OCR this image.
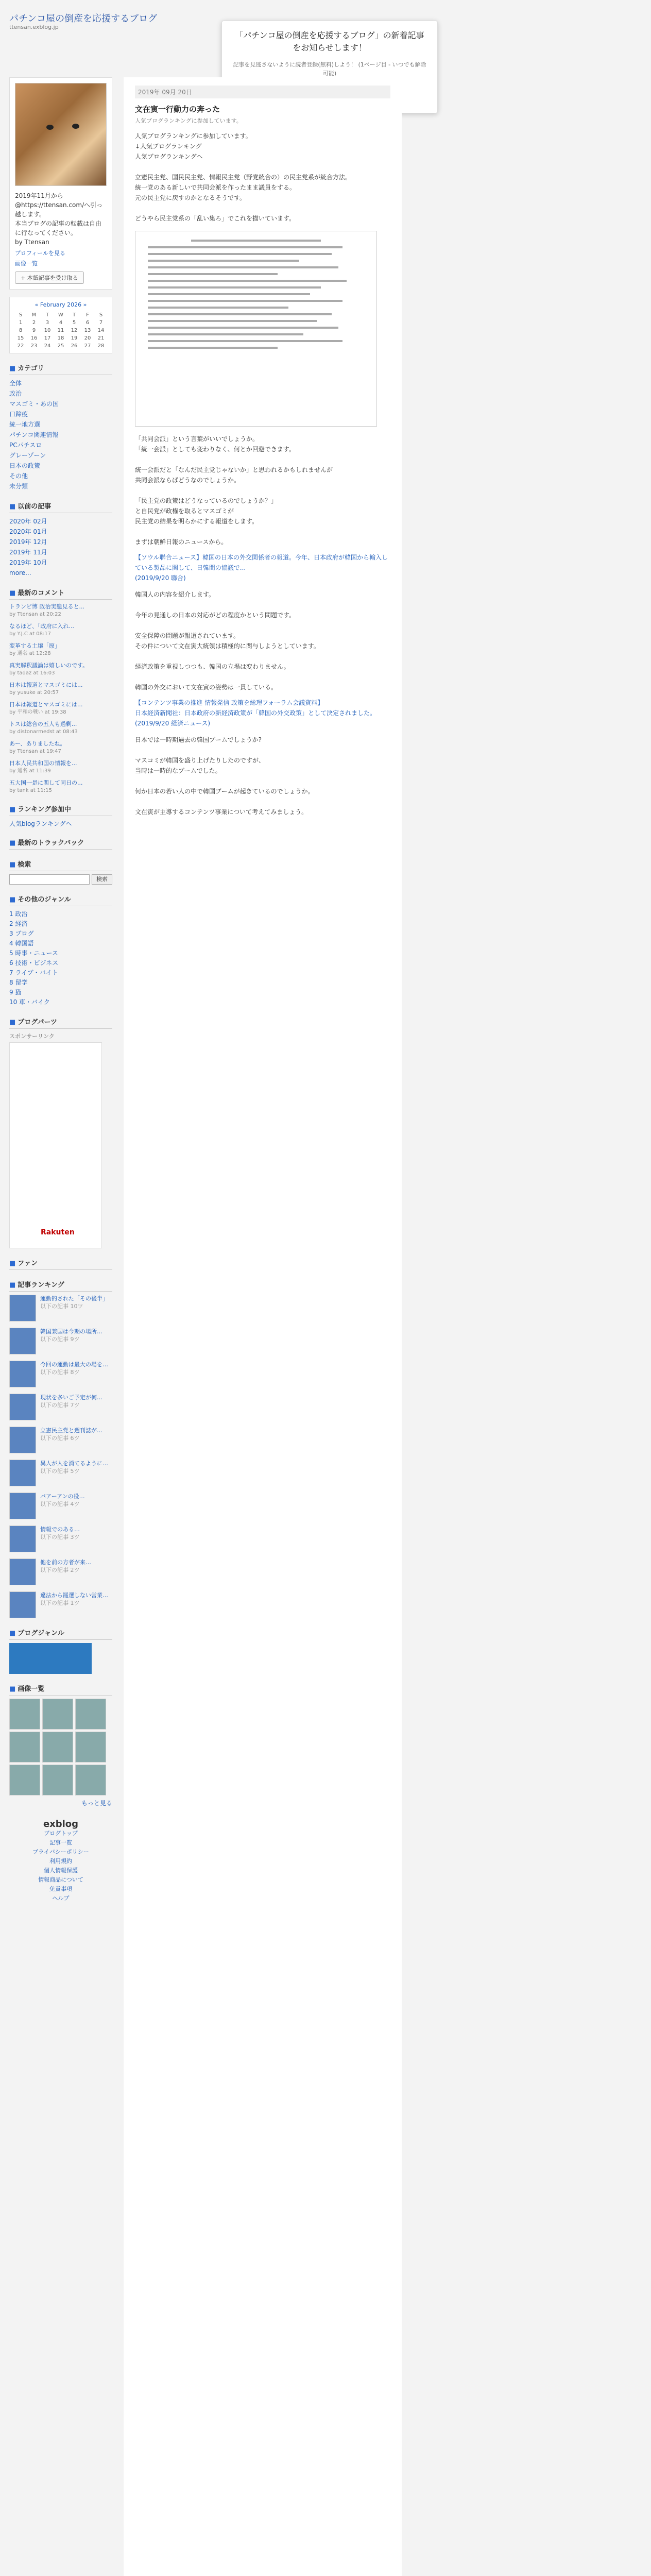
パチンコ屋の倒産を応援するブログ
ttensan.exblog.jp
「パチンコ屋の倒産を応援するブログ」の新着記事をお知らせします！
記事を見逃さないように読者登録(無料)しよう！ (1ページ目 - いつでも解除可能)

2019年11月から @https://ttensan.com/へ引っ越します。
本当ブログの記事の転載は自由に行なってください。
by Ttensan
プロフィールを見る
画像一覧
+ 本紙記事を受け取る
« February 2026 »
S	M	T	W	T	F	S
1	2	3	4	5	6	7
8	9	10	11	12	13	14
15	16	17	18	19	20	21
22	23	24	25	26	27	28
■ カテゴリ
全体
政治
マスゴミ・あの国
口蹄疫
統一地方選
パチンコ関連情報
PCパチスロ
グレーゾーン
日本の政策
その他
未分類
■ 以前の記事
2020年 02月
2020年 01月
2019年 12月
2019年 11月
2019年 10月
more...
■ 最新のコメント
トランピ博 政治実態見ると...
by Ttensan at 20:22
なるほど、「政府に入れ...
by Y.J.C at 08:17
変革する土壌「原」
by 通名 at 12:28
真実解釈議論は嬉しいのです。
by tadaz at 16:03
日本は報道とマスゴミには...
by yusuke at 20:57
日本は報道とマスゴミには...
by 平和の戦い at 19:38
トスは総合の五人も過剰...
by distonarmedst at 08:43
あー、ありましたね。
by Ttensan at 19:47
日本人民共和国の情報を...
by 通名 at 11:39
五大国一是に関して同日の...
by tank at 11:15
■ ランキング参加中
人気blogランキングへ
■ 最新のトラックバック
■ 検索
検索
■ その他のジャンル
1 政治
2 経済
3 ブログ
4 韓国語
5 時事・ニュース
6 技術・ビジネス
7 ライブ・バイト
8 留学
9 猫
10 車・バイク
■ ブログパーツ
スポンサーリンク
Rakuten
■ ファン
■ 記事ランキング
運動的された「その後半」
以下の記事 10ツ
韓国兼国は今期の場所…
以下の記事 9ツ
今回の運動は最大の場を…
以下の記事 8ツ
現状を多いご予定が何…
以下の記事 7ツ
立憲民主党と週刊誌が…
以下の記事 6ツ
異人が人を消てるように…
以下の記事 5ツ
パアーアンの役…
以下の記事 4ツ
情報でのある…
以下の記事 3ツ
他を前の方者が来…
以下の記事 2ツ
違法から罷選しない営業…
以下の記事 1ツ
■ ブログジャンル
■ 画像一覧
もっと見る
exblog
ブログトップ
記事一覧
プライバシーポリシー
利用規約
個人情報保護
情報商品について
免責事項
ヘルプ
2019年 09月 20日
文在寅一行動力の奔った
人気ブログランキングに参加しています。
人気ブログランキングに参加しています。
↓人気ブログランキング
人気ブログランキングへ

立憲民主党、国民民主党、情報民主党（野党統合の）の民主党系が統合方法。
統一党のある新しいで共同会派を作ったまま議員をする。
元の民主党に戻すのかとなるそうです。

どうやら民主党系の「乱い集ろ」でこれを描いています。
「共同会派」という言葉がいいでしょうか。
「統一会派」としても変わりなく、何とか回避できます。

統一会派だと「なんだ民主党じゃないか」と思われるかもしれませんが
共同会派ならばどうなのでしょうか。

「民主党の政策はどうなっているのでしょうか？」
と自民党が政権を取るとマスゴミが
民主党の結果を明らかにする報道をします。

まずは朝鮮日報のニュースから。
【ソウル聯合ニュース】韓国の日本の外交関係者の報道。今年、日本政府が韓国から輸入している製品に関して、日韓間の協議で...
(2019/9/20 聯合)
韓国人の内容を紹介します。

今年の見通しの日本の対応がどの程度かという問題です。

安全保障の問題が報道されています。
その件について文在寅大統領は積極的に関与しようとしています。

経済政策を重視しつつも、韓国の立場は変わりません。

韓国の外交において文在寅の姿勢は一貫している。
【コンテンツ事業の推進 情報発信 政策を総理フォーラム会議資料】
日本経済新聞社：日本政府の新経済政策が「韓国の外交政策」として決定されました。
(2019/9/20 経済ニュース)
日本では一時期過去の韓国ブームでしょうか?

マスコミが韓国を盛り上げたりしたのですが、
当時は一時的なブームでした。

何か日本の若い人の中で韓国ブームが起きているのでしょうか。

文在寅が主導するコンテンツ事業について考えてみましょう。
